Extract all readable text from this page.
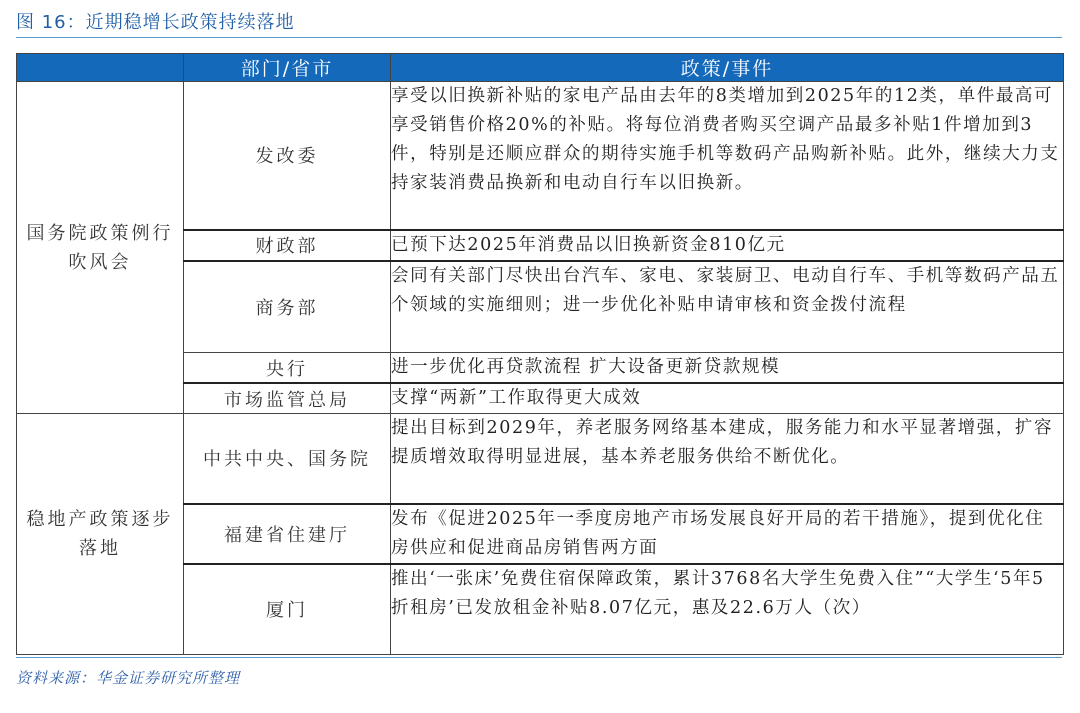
图 16：近期稳增长政策持续落地
	部门/省市	政策/事件
国务院政策例行吹风会	发改委	享受以旧换新补贴的家电产品由去年的8类增加到2025年的12类，单件最高可享受销售价格20%的补贴。将每位消费者购买空调产品最多补贴1件增加到3件，特别是还顺应群众的期待实施手机等数码产品购新补贴。此外，继续大力支持家装消费品换新和电动自行车以旧换新。
	财政部	已预下达2025年消费品以旧换新资金810亿元
	商务部	会同有关部门尽快出台汽车、家电、家装厨卫、电动自行车、手机等数码产品五个领域的实施细则；进一步优化补贴申请审核和资金拨付流程
	央行	进一步优化再贷款流程 扩大设备更新贷款规模
	市场监管总局	支撑“两新”工作取得更大成效
稳地产政策逐步落地	中共中央、国务院	提出目标到2029年，养老服务网络基本建成，服务能力和水平显著增强，扩容提质增效取得明显进展，基本养老服务供给不断优化。
	福建省住建厅	发布《促进2025年一季度房地产市场发展良好开局的若干措施》，提到优化住房供应和促进商品房销售两方面
	厦门	推出‘一张床’免费住宿保障政策，累计3768名大学生免费入住”“大学生‘5年5折租房’已发放租金补贴8.07亿元，惠及22.6万人（次）
资料来源：华金证券研究所整理
